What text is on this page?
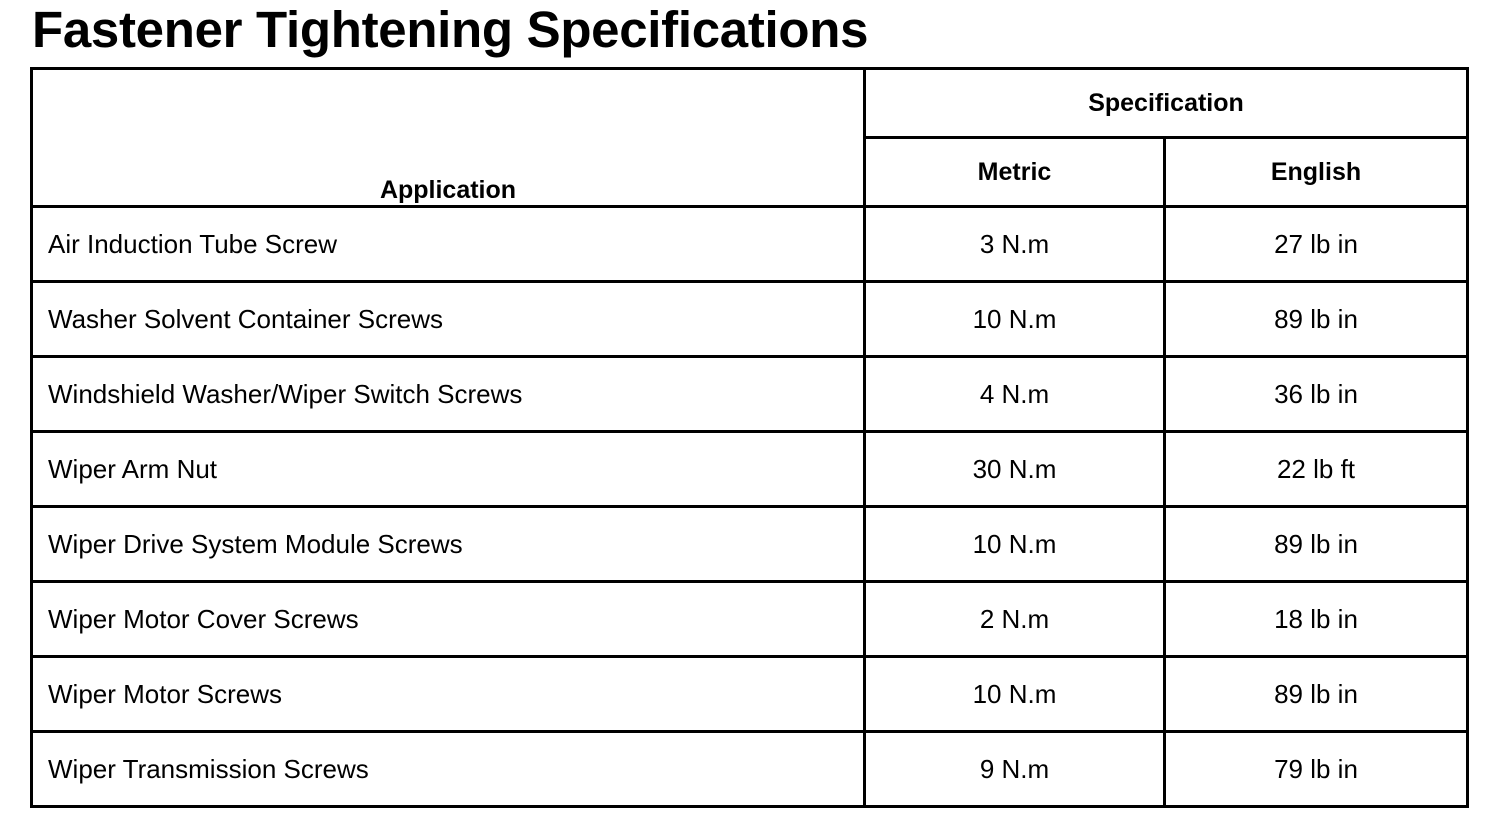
Fastener Tightening Specifications
Application	Specification	
	Metric	English
Air Induction Tube Screw	3 N.m	27 lb in
Washer Solvent Container Screws	10 N.m	89 lb in
Windshield Washer/Wiper Switch Screws	4 N.m	36 lb in
Wiper Arm Nut	30 N.m	22 lb ft
Wiper Drive System Module Screws	10 N.m	89 lb in
Wiper Motor Cover Screws	2 N.m	18 lb in
Wiper Motor Screws	10 N.m	89 lb in
Wiper Transmission Screws	9 N.m	79 lb in
